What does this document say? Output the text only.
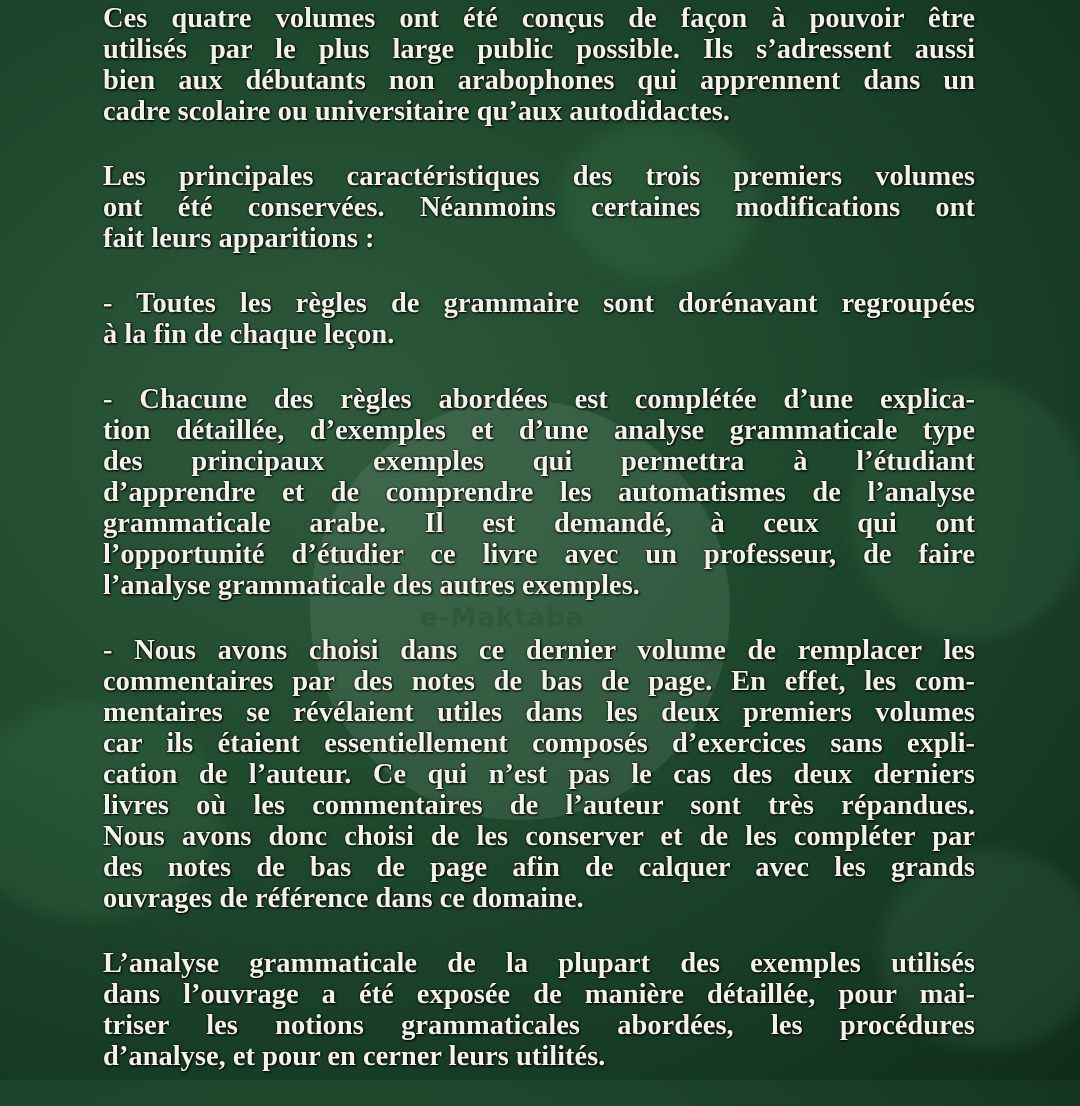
Ces quatre volumes ont été conçus de façon à pouvoir être
utilisés par le plus large public possible. Ils s’adressent aussi
bien aux débutants non arabophones qui apprennent dans un
cadre scolaire ou universitaire qu’aux autodidactes.
Les principales caractéristiques des trois premiers volumes
ont été conservées. Néanmoins certaines modifications ont
fait leurs apparitions :
- Toutes les règles de grammaire sont dorénavant regroupées
à la fin de chaque leçon.
- Chacune des règles abordées est complétée d’une explica-
tion détaillée, d’exemples et d’une analyse grammaticale type
des principaux exemples qui permettra à l’étudiant
d’apprendre et de comprendre les automatismes de l’analyse
grammaticale arabe. Il est demandé, à ceux qui ont
l’opportunité d’étudier ce livre avec un professeur, de faire
l’analyse grammaticale des autres exemples.
- Nous avons choisi dans ce dernier volume de remplacer les
commentaires par des notes de bas de page. En effet, les com-
mentaires se révélaient utiles dans les deux premiers volumes
car ils étaient essentiellement composés d’exercices sans expli-
cation de l’auteur. Ce qui n’est pas le cas des deux derniers
livres où les commentaires de l’auteur sont très répandues.
Nous avons donc choisi de les conserver et de les compléter par
des notes de bas de page afin de calquer avec les grands
ouvrages de référence dans ce domaine.
L’analyse grammaticale de la plupart des exemples utilisés
dans l’ouvrage a été exposée de manière détaillée, pour mai-
triser les notions grammaticales abordées, les procédures
d’analyse, et pour en cerner leurs utilités.
e-Maktaba
